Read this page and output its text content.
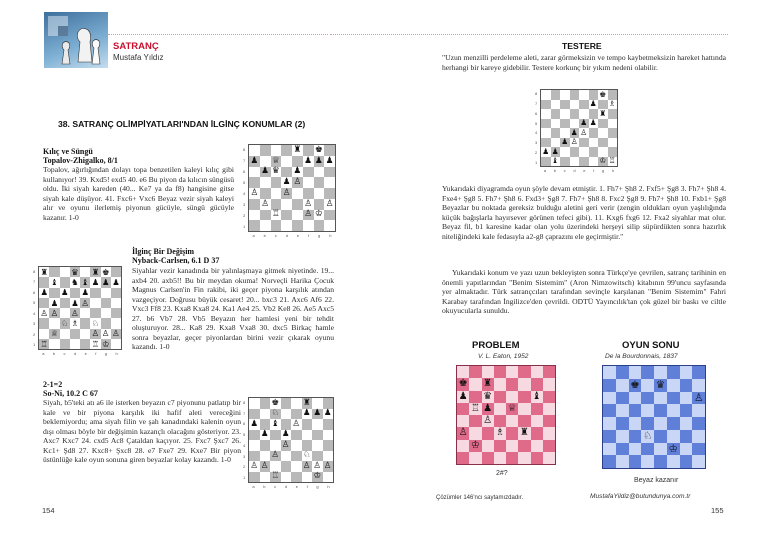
SATRANÇ
Mustafa Yıldız
38. SATRANÇ OLİMPİYATLARI'NDAN İLGİNÇ KONUMLAR (2)
Kılıç ve Süngü
Topalov-Zhigalko, 8/1
Topalov, ağırlığından dolayı topa benzetilen kaleyi kılıç gibi kullanıyor! 39. Kxd5! exd5 40. e6 Bu piyon da kılıcın süngüsü oldu. İki siyah kareden (40... Ke7 ya da f8) hangisine gitse siyah kale düşüyor. 41. Fxc6+ Vxc6 Beyaz vezir siyah kaleyi alır ve oyunu ilerlemiş piyonun gücüyle, süngü gücüyle kazanır. 1-0
8
7
6
5
4
3
2
1
♜ ♚
♟ ♕	♟ ♟ ♟
♟ ♛ ♟
♟ ♙
♙	♙
♙	♙ ♙
♖	♙ ♔
a b c d e f g h
8
7
6
5
4
3
2
1
♜	♛ ♜ ♚
♝ ♞ ♝ ♟ ♟ ♟
♟ ♟ ♟
♟ ♟ ♙
♙ ♙ ♙
♘ ♗ ♘
♕	♙ ♙ ♙
♖	♖ ♔
a b c d e f g h
İlginç Bir Değişim
Nyback-Carlsen, 6.1 D 37
Siyahlar vezir kanadında bir yalınlaşmaya gitmek niyetinde. 19... axb4 20. axb5!! Bu bir meydan okuma! Norveçli Harika Çocuk Magnus Carlsen'in Fin rakibi, iki geçer piyona karşılık atından vazgeçiyor. Doğrusu büyük cesaret! 20... bxc3 21. Axc6 Af6 22. Vxc3 Ff8 23. Kxa8 Kxa8 24. Ka1 Ae4 25. Vb2 Ke8 26. Ae5 Axc5 27. b6 Vb7 28. Vb5 Beyazın her hamlesi yeni bir tehdit oluşturuyor. 28... Ka8 29. Kxa8 Vxa8 30. dxc5 Birkaç hamle sonra beyazlar, geçer piyonlardan birini vezir çıkarak oyunu kazandı. 1-0
2-1=2
So-Ni, 10.2 C 67
Siyah, b5'teki atı a6 ile isterken beyazın c7 piyonunu patlatıp bir kale ve bir piyona karşılık iki hafif aleti vereceğini beklemiyordu; ama siyah filin ve şah kanadındaki kalenin oyun dışı olması böyle bir değişimin kazançlı olacağını gösteriyor. 23. Axc7 Kxc7 24. cxd5 Ac8 Çataldan kaçıyor. 25. Fxc7 Şxc7 26. Kc1+ Şd8 27. Kxc8+ Şxc8 28. e7 Fxe7 29. Kxe7 Bir piyon üstünlüğe kale oyun sonuna giren beyazlar kolay kazandı. 1-0
8
7
6
5
4
3
2
1
♚	♜
♘	♟ ♟ ♟
♟ ♝ ♙
♟ ♟
♙
♙	♘
♙ ♙	♙ ♙ ♙
♖	♔
a b c d e f g h
154
TESTERE
"Uzun menzilli perdeleme aleti, zarar görmeksizin ve tempo kaybetmeksizin hareket hattında herhangi bir kareye gidebilir. Testere korkunç bir yıkım nedeni olabilir.
8
7
6
5
4
3
2
1
♚
♟ ♗
♜
♟ ♟
♟ ♙
♟ ♙
♟ ♟
♝	♔ ♖
a b c d e f g h
Yukarıdaki diyagramda oyun şöyle devam etmiştir. 1. Fh7+ Şh8 2. Fxf5+ Şg8 3. Fh7+ Şh8 4. Fxe4+ Şg8 5. Fh7+ Şh8 6. Fxd3+ Şg8 7. Fh7+ Şh8 8. Fxc2 Şg8 9. Fh7+ Şh8 10. Fxb1+ Şg8 Beyazlar bu noktada gereksiz bulduğu aletini geri verir (zengin oldukları oyun yaşlılığında küçük bağışlarla hayırsever görünen tefeci gibi). 11. Kxg6 fxg6 12. Fxa2 siyahlar mat olur. Beyaz fil, b1 karesine kadar olan yolu üzerindeki herşeyi silip süpürdükten sonra hazırlık niteliğindeki kale fedasıyla a2-g8 çaprazını ele geçirmiştir."
Yukarıdaki konum ve yazı uzun bekleyişten sonra Türkçe'ye çevrilen, satranç tarihinin en önemli yapıtlarından "Benim Sistemim" (Aron Nimzowitsch) kitabının 99'uncu sayfasında yer almaktadır. Türk satrançcıları tarafından sevinçle karşılanan "Benim Sistemim" Fahri Karabay tarafından İngilizce'den çevrildi. ODTÜ Yayıncılık'tan çok güzel bir baskı ve ciltle okuyucularla sunuldu.
PROBLEM
V. L. Eaton, 1952
♚ ♜
♟ ♛	♝
♖ ♟ ♕
♙
♙	♗ ♜
♔
2#?
OYUN SONU
De la Bourdonnais, 1837
♚ ♛
♙
♘
♔
Beyaz kazanır
Çözümler 146'ncı saytamızdadır.	MustafaYildiz@butundunya.com.tr
155
